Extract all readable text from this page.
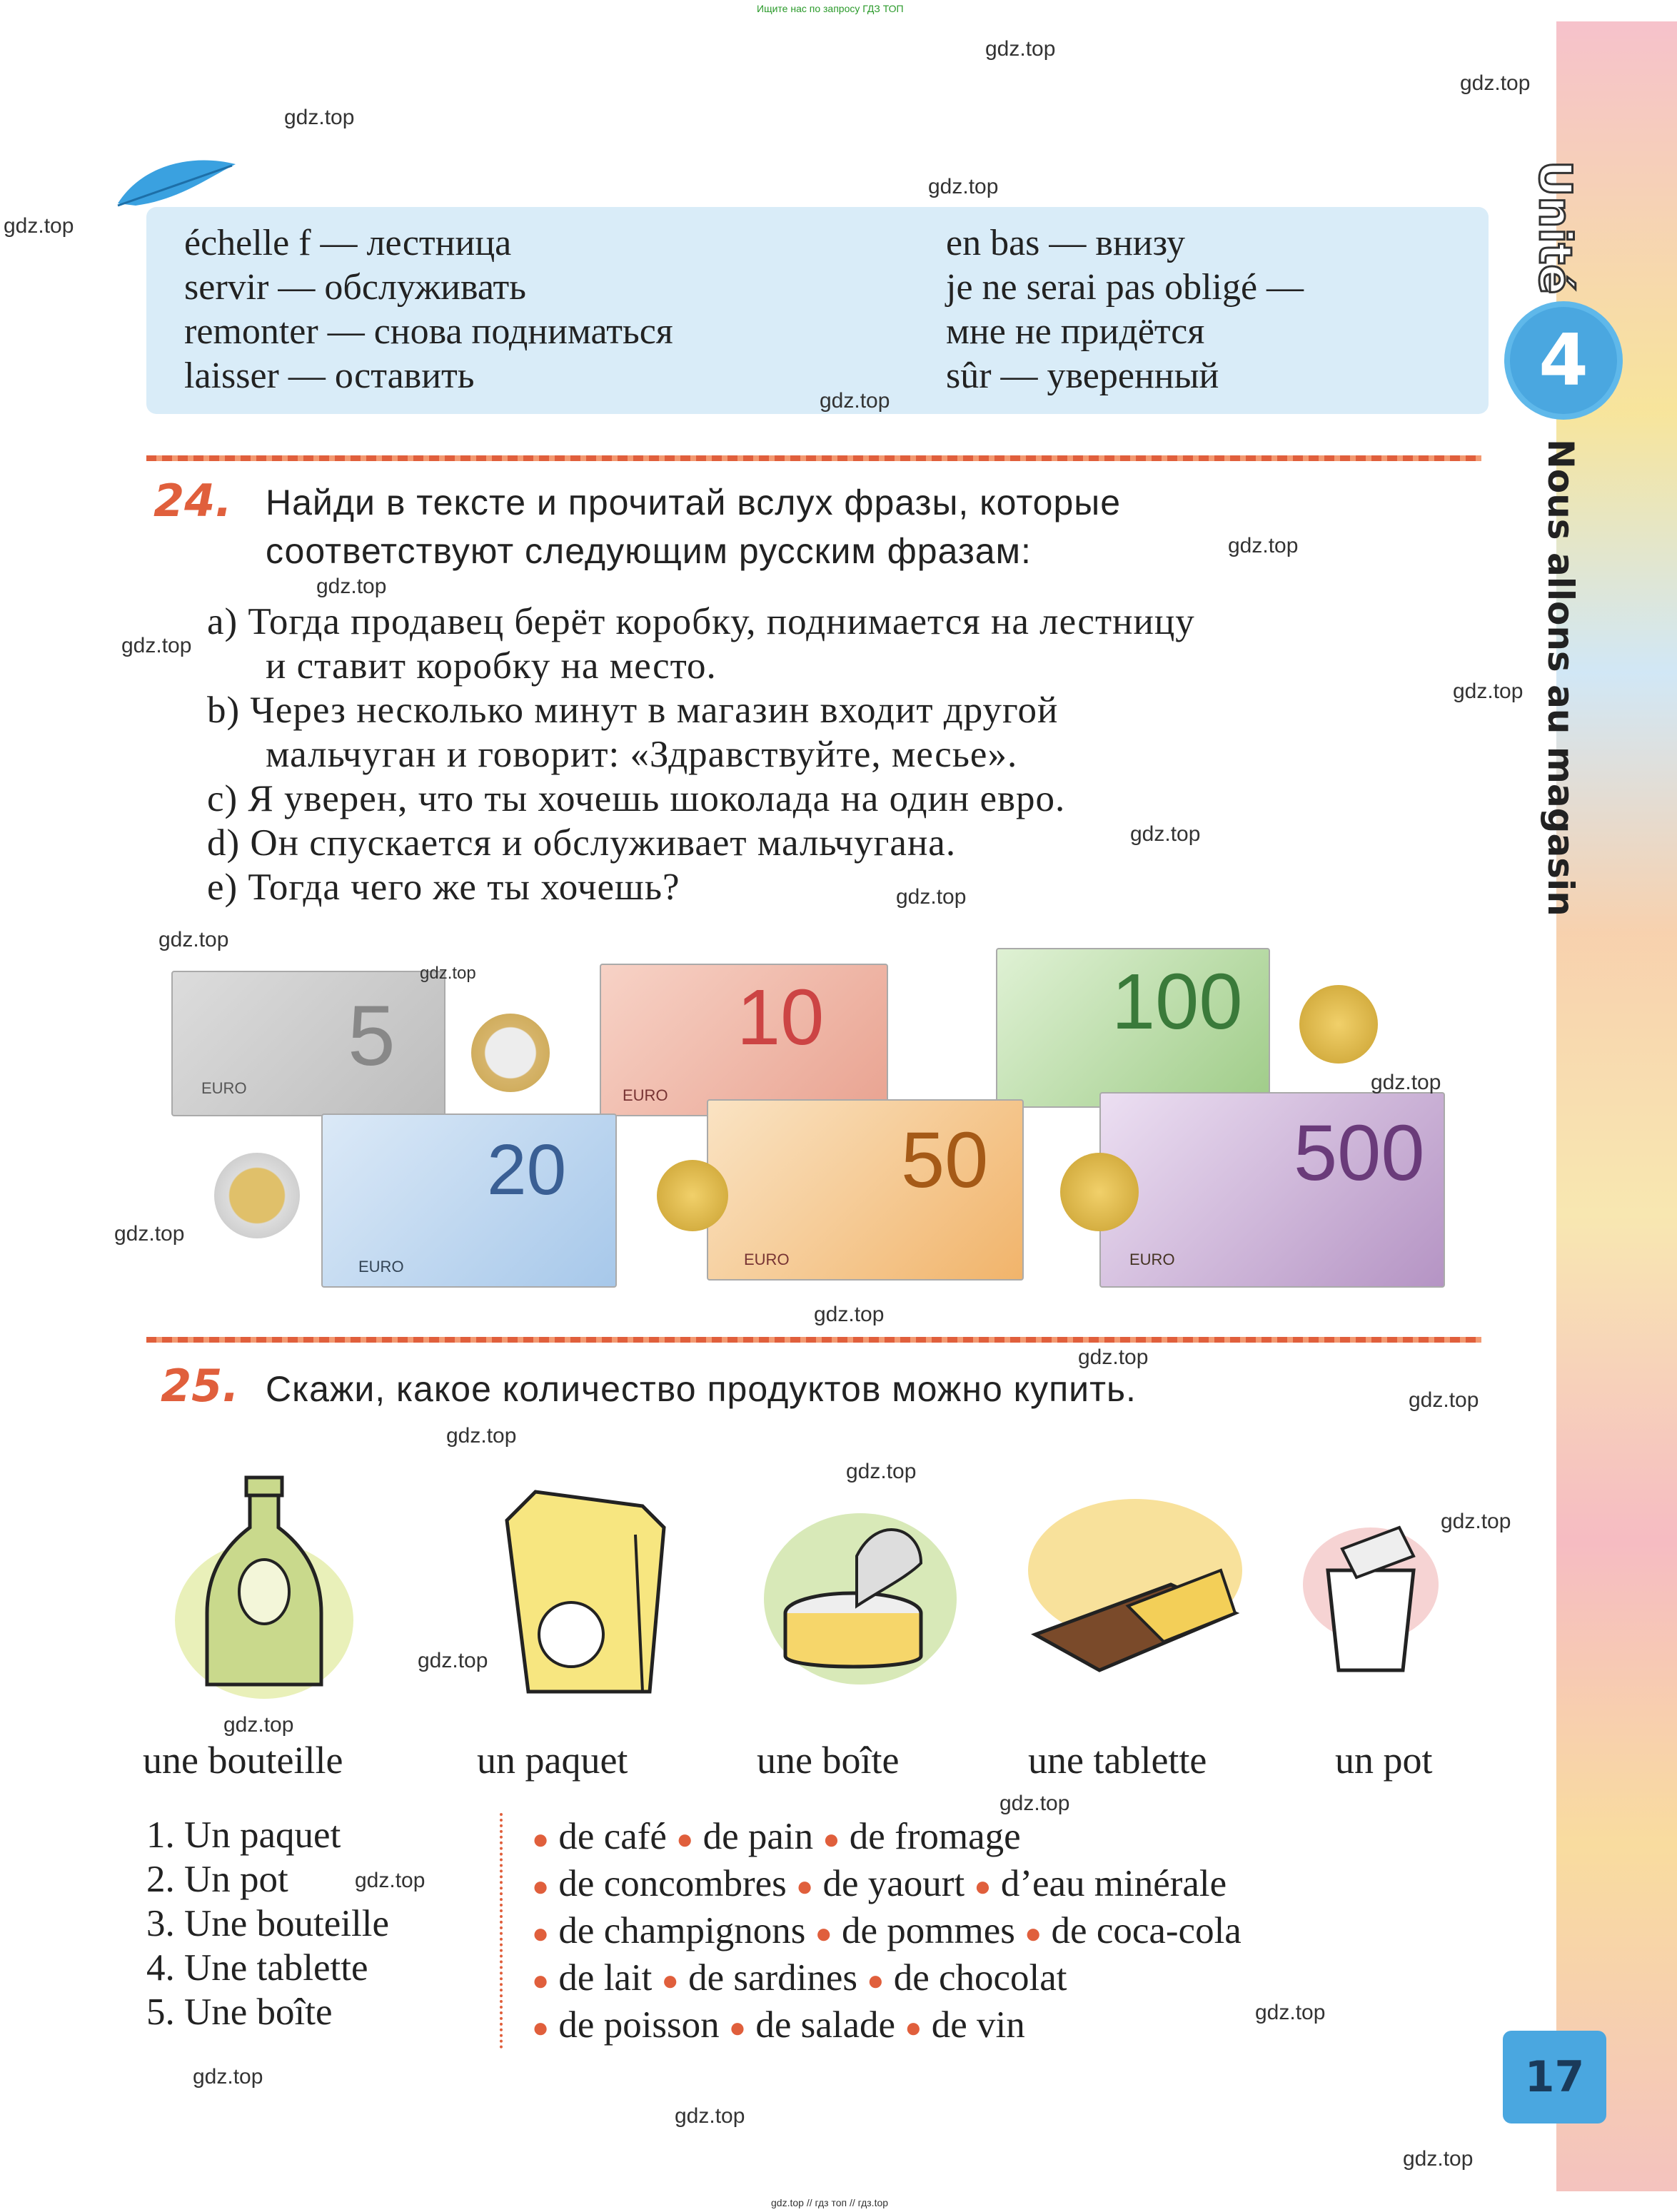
Ищите нас по запросу ГДЗ ТОП
gdz.top // гдз топ // гдз.top
Unité
4
Nous allons au magasin
échelle f — лестница
servir — обслуживать
remonter — снова подниматься
laisser — оставить
en bas — внизу
je ne serai pas obligé —
мне не придётся
sûr — уверенный
24. Найди в тексте и прочитай вслух фразы, которые
соответствуют следующим русским фразам:
a) Тогда продавец берёт коробку, поднимается на лестницу
и ставит коробку на место.
b) Через несколько минут в магазин входит другой
мальчуган и говорит: «Здравствуйте, месье».
c) Я уверен, что ты хочешь шоколада на один евро.
d) Он спускается и обслуживает мальчугана.
e) Тогда чего же ты хочешь?
5
EURO
10
EURO
100
20
EURO
50
EURO
500
EURO
25. Скажи, какое количество продуктов можно купить.
une bouteille	un paquet	une boîte	une tablette	un pot
1. Un paquet
2. Un pot
3. Une bouteille
4. Une tablette
5. Une boîte
● de café ● de pain ● de fromage
● de concombres ● de yaourt ● d’eau minérale
● de champignons ● de pommes ● de coca-cola
● de lait ● de sardines ● de chocolat
● de poisson ● de salade ● de vin
17
gdz.top
gdz.top
gdz.top
gdz.top
gdz.top
gdz.top
gdz.top
gdz.top
gdz.top
gdz.top
gdz.top
gdz.top
gdz.top
gdz.top
gdz.top
gdz.top
gdz.top
gdz.top
gdz.top
gdz.top
gdz.top
gdz.top
gdz.top
gdz.top
gdz.top
gdz.top
gdz.top
gdz.top
gdz.top
gdz.top
